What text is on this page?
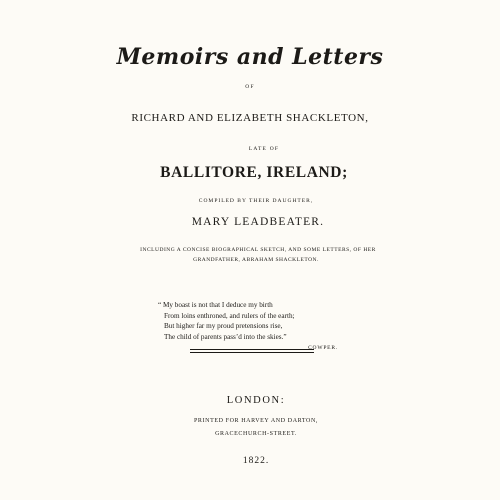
Memoirs and Letters
OF
RICHARD AND ELIZABETH SHACKLETON,
LATE OF
BALLITORE, IRELAND;
COMPILED BY THEIR DAUGHTER,
MARY LEADBEATER.
INCLUDING A CONCISE BIOGRAPHICAL SKETCH, AND SOME LETTERS, OF HER
GRANDFATHER, ABRAHAM SHACKLETON.
“ My boast is not that I deduce my birth
From loins enthroned, and rulers of the earth;
But higher far my proud pretensions rise,
The child of parents pass’d into the skies.”
COWPER.
LONDON:
PRINTED FOR HARVEY AND DARTON,
GRACECHURCH-STREET.
1822.
